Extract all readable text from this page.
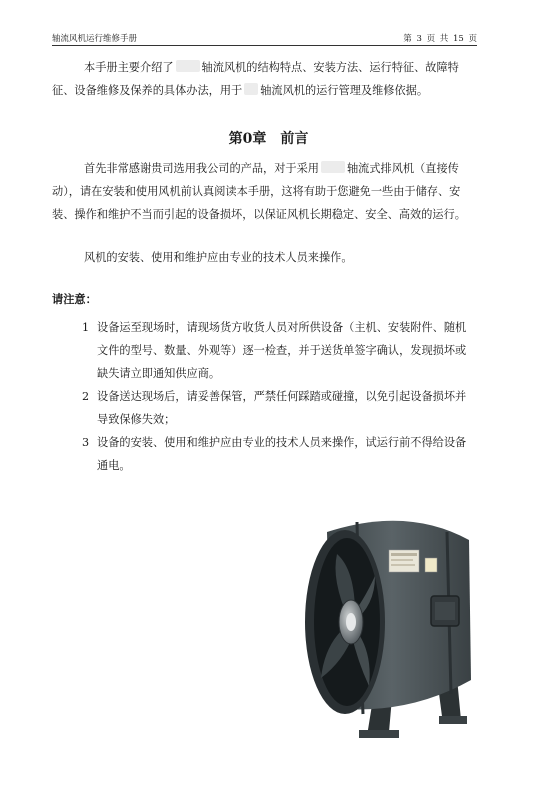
轴流风机运行维修手册	第 3 页 共 15 页
本手册主要介绍了	轴流风机的结构特点、安装方法、运行特征、故障特征、设备维修及保养的具体办法，用于 轴流风机的运行管理及维修依据。
第0章 前言
首先非常感谢贵司选用我公司的产品，对于采用	轴流式排风机（直接传动），请在安装和使用风机前认真阅读本手册，这将有助于您避免一些由于储存、安装、操作和维护不当而引起的设备损坏，以保证风机长期稳定、安全、高效的运行。
风机的安装、使用和维护应由专业的技术人员来操作。
请注意：
1 设备运至现场时，请现场货方收货人员对所供设备（主机、安装附件、随机文件的型号、数量、外观等）逐一检查，并于送货单签字确认，发现损坏或缺失请立即通知供应商。
2 设备送达现场后，请妥善保管，严禁任何踩踏或碰撞，以免引起设备损坏并导致保修失效；
3 设备的安装、使用和维护应由专业的技术人员来操作，试运行前不得给设备通电。
